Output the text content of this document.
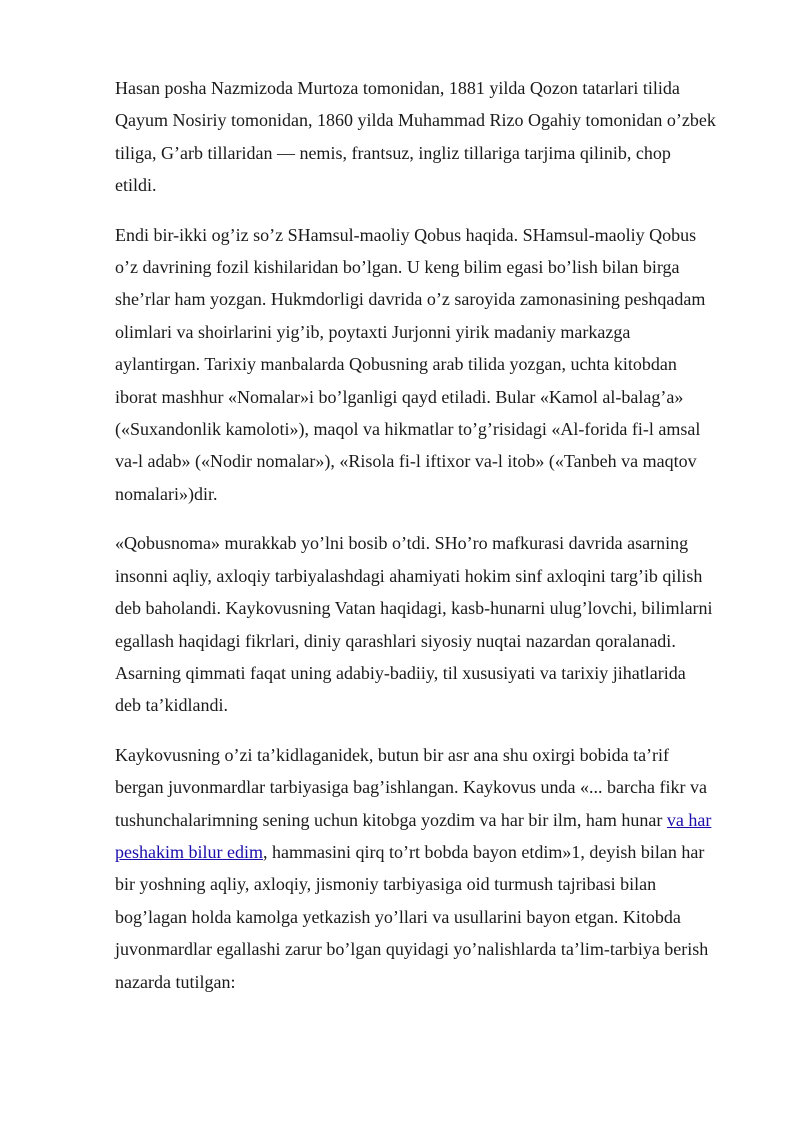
Hasan posha Nazmizoda Murtoza tomonidan, 1881 yilda Qozon tatarlari tilida
Qayum Nosiriy tomonidan, 1860 yilda Muhammad Rizo Ogahiy tomonidan o’zbek
tiliga, G’arb tillaridan — nemis, frantsuz, ingliz tillariga tarjima qilinib, chop
etildi.

Endi bir-ikki og’iz so’z SHamsul-maoliy Qobus haqida. SHamsul-maoliy Qobus
o’z davrining fozil kishilaridan bo’lgan. U keng bilim egasi bo’lish bilan birga
she’rlar ham yozgan. Hukmdorligi davrida o’z saroyida zamonasining peshqadam
olimlari va shoirlarini yig’ib, poytaxti Jurjonni yirik madaniy markazga
aylantirgan. Tarixiy manbalarda Qobusning arab tilida yozgan, uchta kitobdan
iborat mashhur «Nomalar»i bo’lganligi qayd etiladi. Bular «Kamol al-balag’a»
(«Suxandonlik kamoloti»), maqol va hikmatlar to’g’risidagi «Al-forida fi-l amsal
va-l adab» («Nodir nomalar»), «Risola fi-l iftixor va-l itob» («Tanbeh va maqtov
nomalari»)dir.

«Qobusnoma» murakkab yo’lni bosib o’tdi. SHo’ro mafkurasi davrida asarning
insonni aqliy, axloqiy tarbiyalashdagi ahamiyati hokim sinf axloqini targ’ib qilish
deb baholandi. Kaykovusning Vatan haqidagi, kasb-hunarni ulug’lovchi, bilimlarni
egallash haqidagi fikrlari, diniy qarashlari siyosiy nuqtai nazardan qoralanadi.
Asarning qimmati faqat uning adabiy-badiiy, til xususiyati va tarixiy jihatlarida
deb ta’kidlandi.

Kaykovusning o’zi ta’kidlaganidek, butun bir asr ana shu oxirgi bobida ta’rif
bergan juvonmardlar tarbiyasiga bag’ishlangan. Kaykovus unda «... barcha fikr va
tushunchalarimning sening uchun kitobga yozdim va har bir ilm, ham hunar va har
peshakim bilur edim, hammasini qirq to’rt bobda bayon etdim»1, deyish bilan har
bir yoshning aqliy, axloqiy, jismoniy tarbiyasiga oid turmush tajribasi bilan
bog’lagan holda kamolga yetkazish yo’llari va usullarini bayon etgan. Kitobda
juvonmardlar egallashi zarur bo’lgan quyidagi yo’nalishlarda ta’lim-tarbiya berish
nazarda tutilgan:
